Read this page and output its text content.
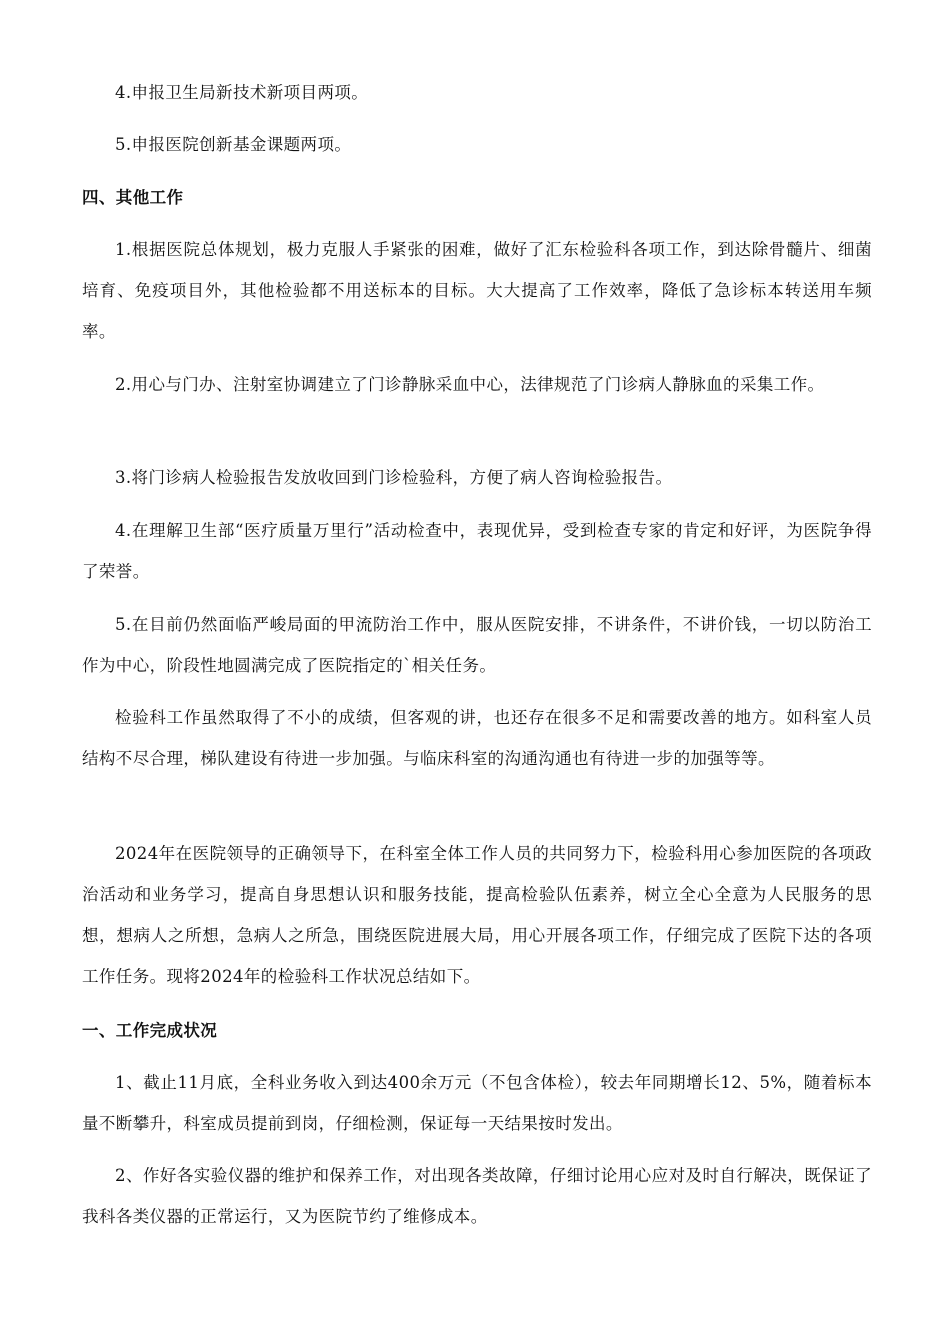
4.申报卫生局新技术新项目两项。

5.申报医院创新基金课题两项。

四、其他工作

1.根据医院总体规划，极力克服人手紧张的困难，做好了汇东检验科各项工作，到达除骨髓片、细菌培育、免疫项目外，其他检验都不用送标本的目标。大大提高了工作效率，降低了急诊标本转送用车频率。

2.用心与门办、注射室协调建立了门诊静脉采血中心，法律规范了门诊病人静脉血的采集工作。

3.将门诊病人检验报告发放收回到门诊检验科，方便了病人咨询检验报告。

4.在理解卫生部“医疗质量万里行”活动检查中，表现优异，受到检查专家的肯定和好评，为医院争得了荣誉。

5.在目前仍然面临严峻局面的甲流防治工作中，服从医院安排，不讲条件，不讲价钱，一切以防治工作为中心，阶段性地圆满完成了医院指定的`相关任务。

检验科工作虽然取得了不小的成绩，但客观的讲，也还存在很多不足和需要改善的地方。如科室人员结构不尽合理，梯队建设有待进一步加强。与临床科室的沟通沟通也有待进一步的加强等等。

2024年在医院领导的正确领导下，在科室全体工作人员的共同努力下，检验科用心参加医院的各项政治活动和业务学习，提高自身思想认识和服务技能，提高检验队伍素养，树立全心全意为人民服务的思想，想病人之所想，急病人之所急，围绕医院进展大局，用心开展各项工作，仔细完成了医院下达的各项工作任务。现将2024年的检验科工作状况总结如下。

一、工作完成状况

1、截止11月底，全科业务收入到达400余万元（不包含体检），较去年同期增长12、5%，随着标本量不断攀升，科室成员提前到岗，仔细检测，保证每一天结果按时发出。

2、作好各实验仪器的维护和保养工作，对出现各类故障，仔细讨论用心应对及时自行解决，既保证了我科各类仪器的正常运行，又为医院节约了维修成本。
